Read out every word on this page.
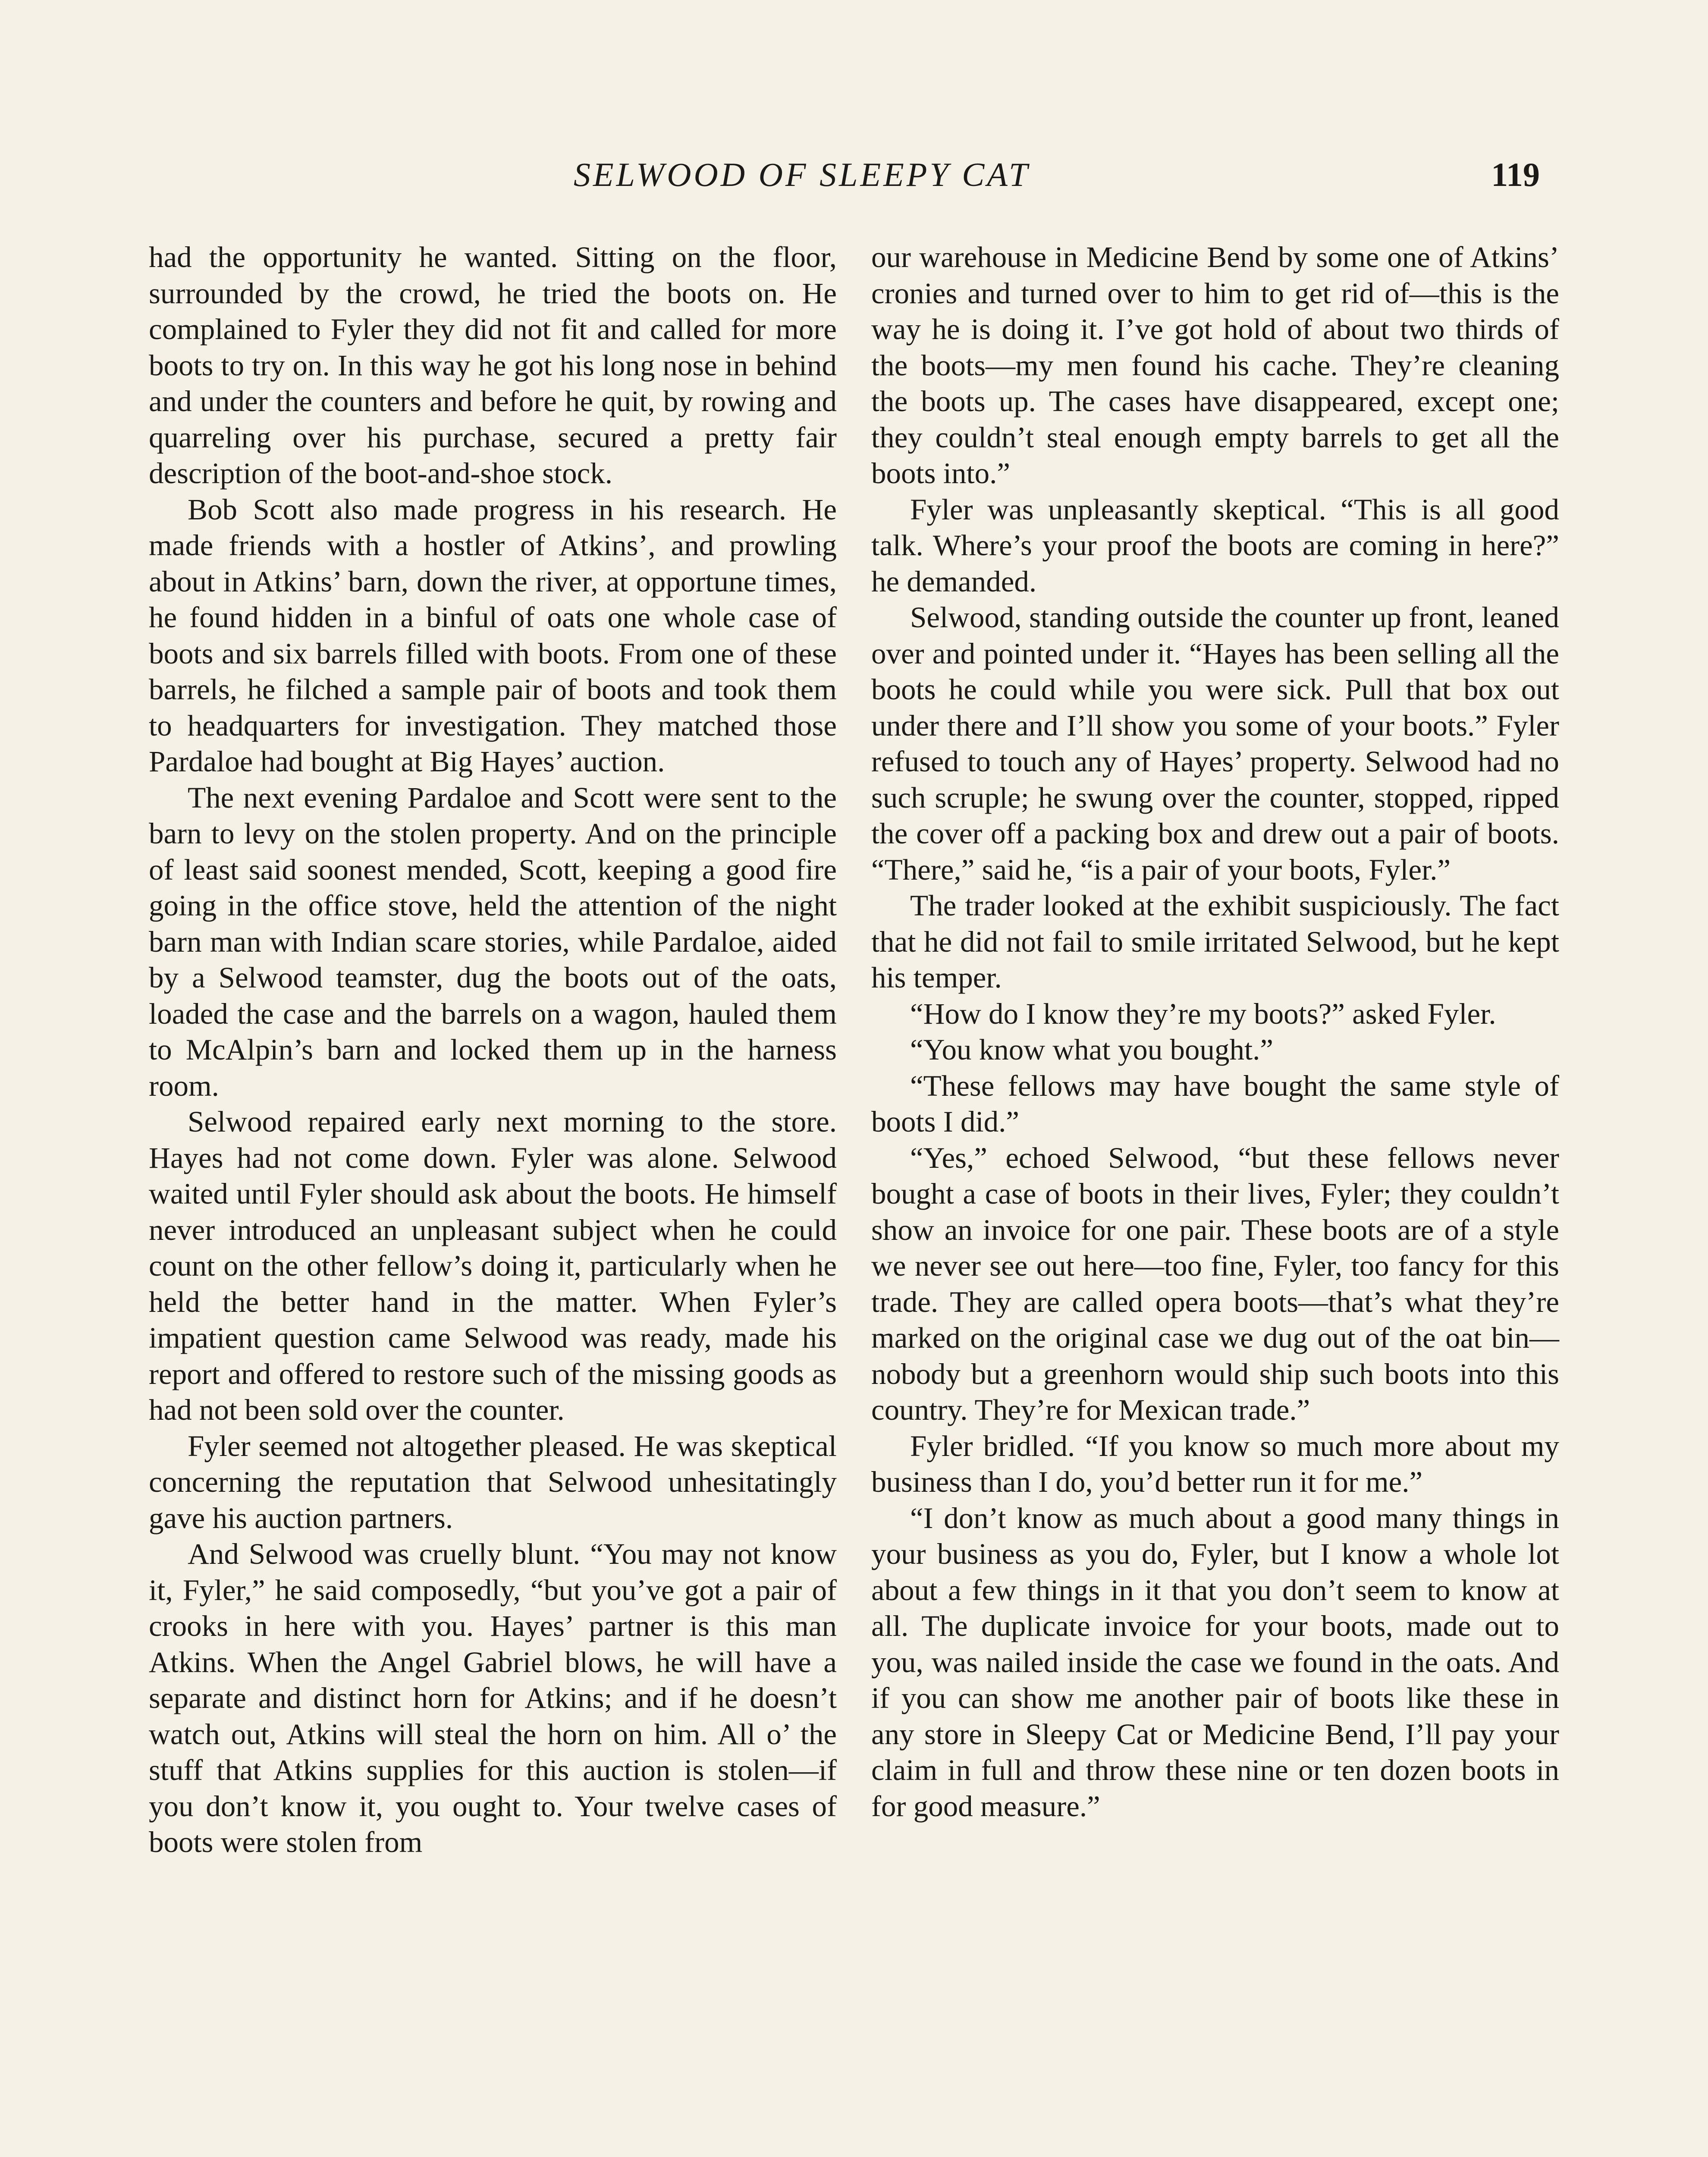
SELWOOD OF SLEEPY CAT	119

had the opportunity he wanted. Sitting on the floor, surrounded by the crowd, he tried the boots on. He complained to Fyler they did not fit and called for more boots to try on. In this way he got his long nose in behind and under the counters and before he quit, by rowing and quarreling over his purchase, secured a pretty fair description of the boot-and-shoe stock.

Bob Scott also made progress in his research. He made friends with a hostler of Atkins’, and prowling about in Atkins’ barn, down the river, at opportune times, he found hidden in a binful of oats one whole case of boots and six barrels filled with boots. From one of these barrels, he filched a sample pair of boots and took them to headquarters for investigation. They matched those Pardaloe had bought at Big Hayes’ auction.

The next evening Pardaloe and Scott were sent to the barn to levy on the stolen property. And on the principle of least said soonest mended, Scott, keeping a good fire going in the office stove, held the attention of the night barn man with Indian scare stories, while Pardaloe, aided by a Selwood teamster, dug the boots out of the oats, loaded the case and the barrels on a wagon, hauled them to McAlpin’s barn and locked them up in the harness room.

Selwood repaired early next morning to the store. Hayes had not come down. Fyler was alone. Selwood waited until Fyler should ask about the boots. He himself never introduced an unpleasant subject when he could count on the other fellow’s doing it, particularly when he held the better hand in the matter. When Fyler’s impatient question came Selwood was ready, made his report and offered to restore such of the missing goods as had not been sold over the counter.

Fyler seemed not altogether pleased. He was skeptical concerning the reputation that Selwood unhesitatingly gave his auction partners.

And Selwood was cruelly blunt. “You may not know it, Fyler,” he said composedly, “but you’ve got a pair of crooks in here with you. Hayes’ partner is this man Atkins. When the Angel Gabriel blows, he will have a separate and distinct horn for Atkins; and if he doesn’t watch out, Atkins will steal the horn on him. All o’ the stuff that Atkins supplies for this auction is stolen—if you don’t know it, you ought to. Your twelve cases of boots were stolen from

our warehouse in Medicine Bend by some one of Atkins’ cronies and turned over to him to get rid of—this is the way he is doing it. I’ve got hold of about two thirds of the boots—my men found his cache. They’re cleaning the boots up. The cases have disappeared, except one; they couldn’t steal enough empty barrels to get all the boots into.”

Fyler was unpleasantly skeptical. “This is all good talk. Where’s your proof the boots are coming in here?” he demanded.

Selwood, standing outside the counter up front, leaned over and pointed under it. “Hayes has been selling all the boots he could while you were sick. Pull that box out under there and I’ll show you some of your boots.” Fyler refused to touch any of Hayes’ property. Selwood had no such scruple; he swung over the counter, stopped, ripped the cover off a packing box and drew out a pair of boots. “There,” said he, “is a pair of your boots, Fyler.”

The trader looked at the exhibit suspiciously. The fact that he did not fail to smile irritated Selwood, but he kept his temper.

“How do I know they’re my boots?” asked Fyler.

“You know what you bought.”

“These fellows may have bought the same style of boots I did.”

“Yes,” echoed Selwood, “but these fellows never bought a case of boots in their lives, Fyler; they couldn’t show an invoice for one pair. These boots are of a style we never see out here—too fine, Fyler, too fancy for this trade. They are called opera boots—that’s what they’re marked on the original case we dug out of the oat bin—nobody but a greenhorn would ship such boots into this country. They’re for Mexican trade.”

Fyler bridled. “If you know so much more about my business than I do, you’d better run it for me.”

“I don’t know as much about a good many things in your business as you do, Fyler, but I know a whole lot about a few things in it that you don’t seem to know at all. The duplicate invoice for your boots, made out to you, was nailed inside the case we found in the oats. And if you can show me another pair of boots like these in any store in Sleepy Cat or Medicine Bend, I’ll pay your claim in full and throw these nine or ten dozen boots in for good measure.”
